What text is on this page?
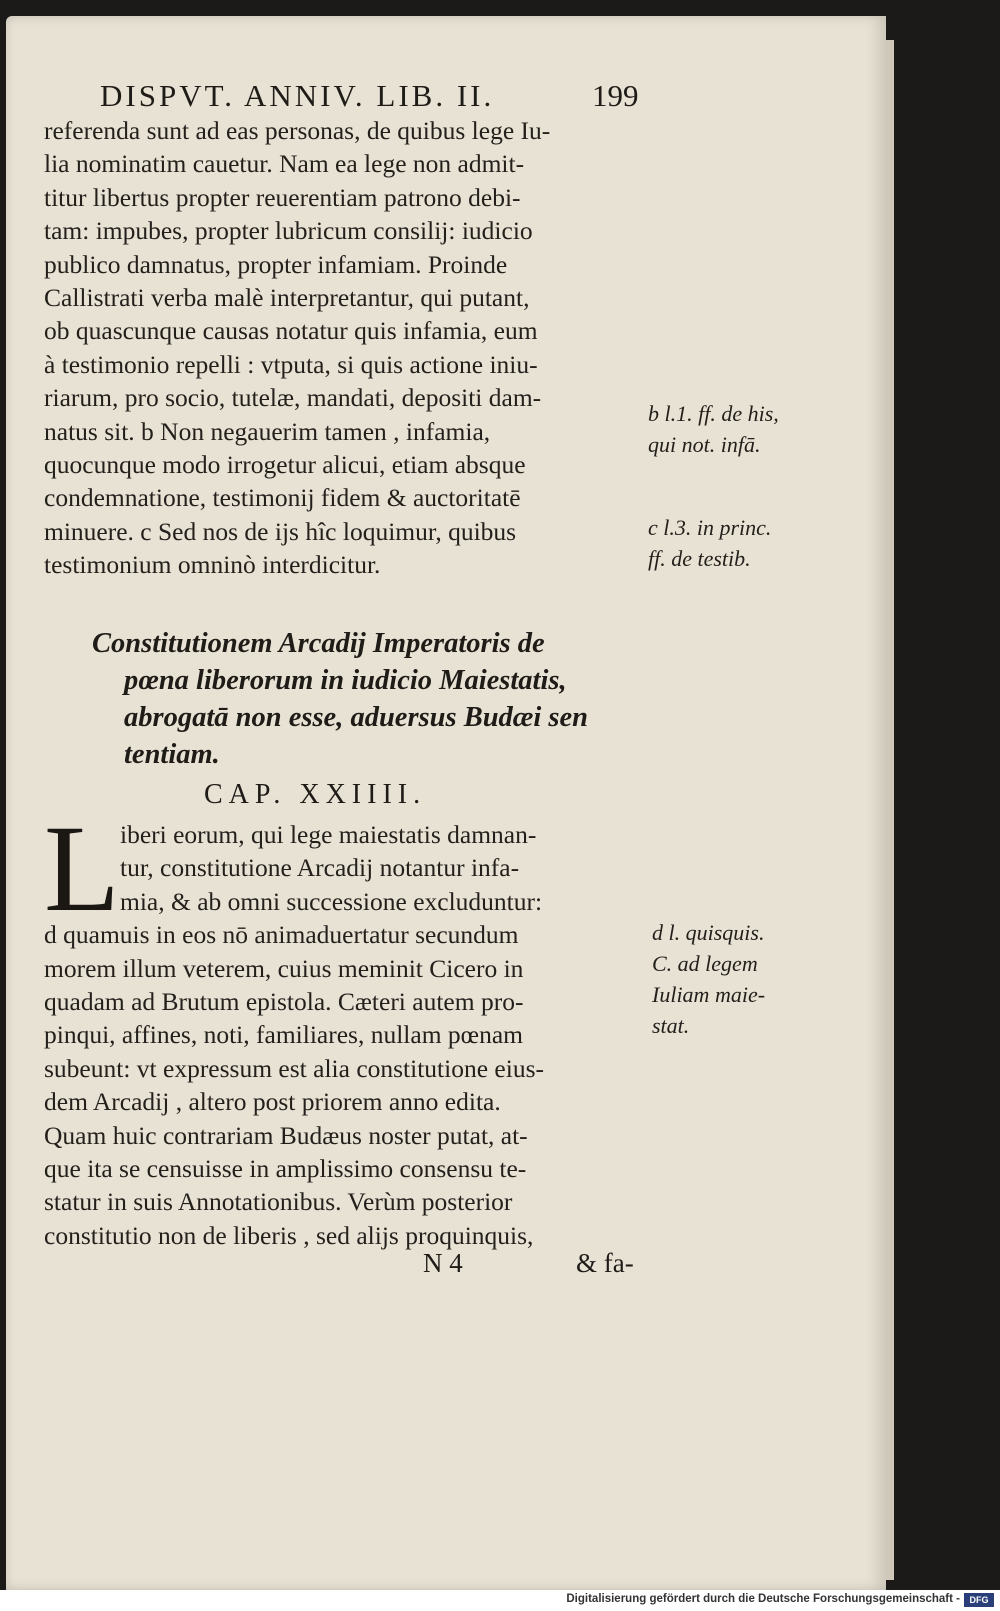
DISPVT. ANNIV. LIB. II.	199
referenda sunt ad eas personas, de quibus lege Iu-
lia nominatim cauetur. Nam ea lege non admit-
titur libertus propter reuerentiam patrono debi-
tam: impubes, propter lubricum consilij: iudicio
publico damnatus, propter infamiam. Proinde
Callistrati verba malè interpretantur, qui putant,
ob quascunque causas notatur quis infamia, eum
à testimonio repelli : vtputa, si quis actione iniu-
riarum, pro socio, tutelæ, mandati, depositi dam-
natus sit. b Non negauerim tamen , infamia,
quocunque modo irrogetur alicui, etiam absque
condemnatione, testimonij fidem & auctoritatē
minuere. c Sed nos de ijs hîc loquimur, quibus
testimonium omninò interdicitur.
b l.1. ff. de his,
qui not. infā.
c l.3. in princ.
ff. de testib.
Constitutionem Arcadij Imperatoris de
pœna liberorum in iudicio Maiestatis,
abrogatā non esse, aduersus Budæi sen
tentiam.
CAP. XXIIII.
L iberi eorum, qui lege maiestatis damnan-
tur, constitutione Arcadij notantur infa-
mia, & ab omni successione excluduntur:
d quamuis in eos nō animaduertatur secundum
morem illum veterem, cuius meminit Cicero in
quadam ad Brutum epistola. Cæteri autem pro-
pinqui, affines, noti, familiares, nullam pœnam
subeunt: vt expressum est alia constitutione eius-
dem Arcadij , altero post priorem anno edita.
Quam huic contrariam Budæus noster putat, at-
que ita se censuisse in amplissimo consensu te-
statur in suis Annotationibus. Verùm posterior
constitutio non de liberis , sed alijs proquinquis,
d l. quisquis.
C. ad legem
Iuliam maie-
stat.
N 4	& fa-
Digitalisierung gefördert durch die Deutsche Forschungsgemeinschaft -	DFG
